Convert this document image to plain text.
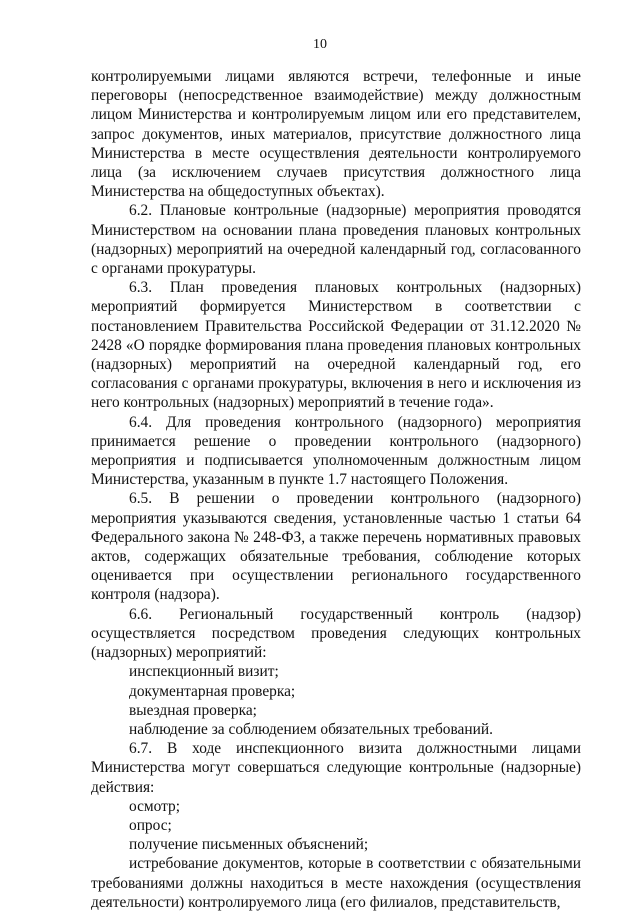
10

контролируемыми лицами являются встречи, телефонные и иные переговоры (непосредственное взаимодействие) между должностным лицом Министерства и контролируемым лицом или его представителем, запрос документов, иных материалов, присутствие должностного лица Министерства в месте осуществления деятельности контролируемого лица (за исключением случаев присутствия должностного лица Министерства на общедоступных объектах).

6.2. Плановые контрольные (надзорные) мероприятия проводятся Министерством на основании плана проведения плановых контрольных (надзорных) мероприятий на очередной календарный год, согласованного с органами прокуратуры.

6.3. План проведения плановых контрольных (надзорных) мероприятий формируется Министерством в соответствии с постановлением Правительства Российской Федерации от 31.12.2020 № 2428 «О порядке формирования плана проведения плановых контрольных (надзорных) мероприятий на очередной календарный год, его согласования с органами прокуратуры, включения в него и исключения из него контрольных (надзорных) мероприятий в течение года».

6.4. Для проведения контрольного (надзорного) мероприятия принимается решение о проведении контрольного (надзорного) мероприятия и подписывается уполномоченным должностным лицом Министерства, указанным в пункте 1.7 настоящего Положения.

6.5. В решении о проведении контрольного (надзорного) мероприятия указываются сведения, установленные частью 1 статьи 64 Федерального закона № 248-ФЗ, а также перечень нормативных правовых актов, содержащих обязательные требования, соблюдение которых оценивается при осуществлении регионального государственного контроля (надзора).

6.6. Региональный государственный контроль (надзор) осуществляется посредством проведения следующих контрольных (надзорных) мероприятий:

инспекционный визит;

документарная проверка;

выездная проверка;

наблюдение за соблюдением обязательных требований.

6.7. В ходе инспекционного визита должностными лицами Министерства могут совершаться следующие контрольные (надзорные) действия:

осмотр;

опрос;

получение письменных объяснений;

истребование документов, которые в соответствии с обязательными требованиями должны находиться в месте нахождения (осуществления деятельности) контролируемого лица (его филиалов, представительств,
